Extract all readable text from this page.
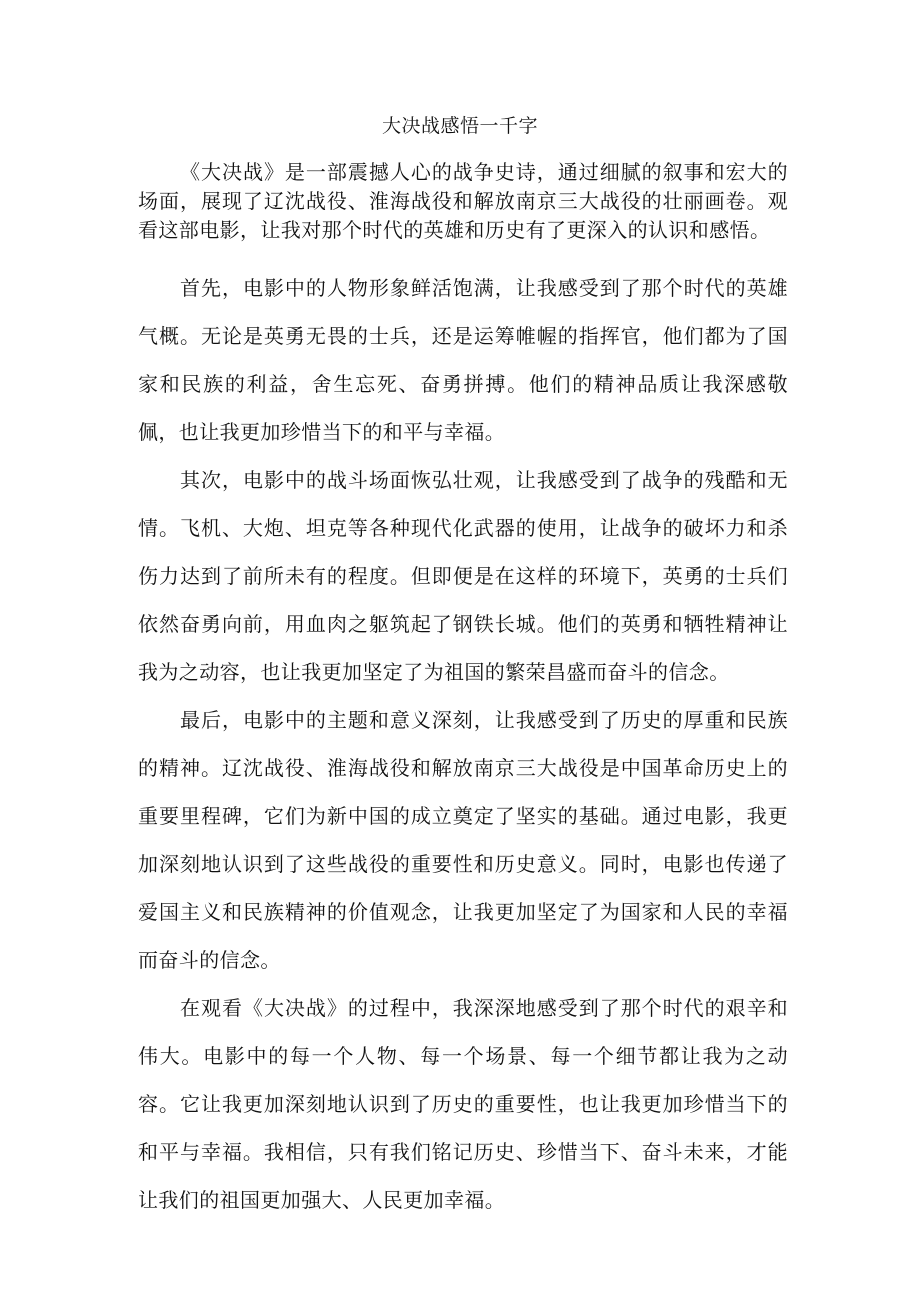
大决战感悟一千字

《大决战》是一部震撼人心的战争史诗，通过细腻的叙事和宏大的场面，展现了辽沈战役、淮海战役和解放南京三大战役的壮丽画卷。观看这部电影，让我对那个时代的英雄和历史有了更深入的认识和感悟。

首先，电影中的人物形象鲜活饱满，让我感受到了那个时代的英雄气概。无论是英勇无畏的士兵，还是运筹帷幄的指挥官，他们都为了国家和民族的利益，舍生忘死、奋勇拼搏。他们的精神品质让我深感敬佩，也让我更加珍惜当下的和平与幸福。

其次，电影中的战斗场面恢弘壮观，让我感受到了战争的残酷和无情。飞机、大炮、坦克等各种现代化武器的使用，让战争的破坏力和杀伤力达到了前所未有的程度。但即便是在这样的环境下，英勇的士兵们依然奋勇向前，用血肉之躯筑起了钢铁长城。他们的英勇和牺牲精神让我为之动容，也让我更加坚定了为祖国的繁荣昌盛而奋斗的信念。

最后，电影中的主题和意义深刻，让我感受到了历史的厚重和民族的精神。辽沈战役、淮海战役和解放南京三大战役是中国革命历史上的重要里程碑，它们为新中国的成立奠定了坚实的基础。通过电影，我更加深刻地认识到了这些战役的重要性和历史意义。同时，电影也传递了爱国主义和民族精神的价值观念，让我更加坚定了为国家和人民的幸福而奋斗的信念。

在观看《大决战》的过程中，我深深地感受到了那个时代的艰辛和伟大。电影中的每一个人物、每一个场景、每一个细节都让我为之动容。它让我更加深刻地认识到了历史的重要性，也让我更加珍惜当下的和平与幸福。我相信，只有我们铭记历史、珍惜当下、奋斗未来，才能让我们的祖国更加强大、人民更加幸福。
